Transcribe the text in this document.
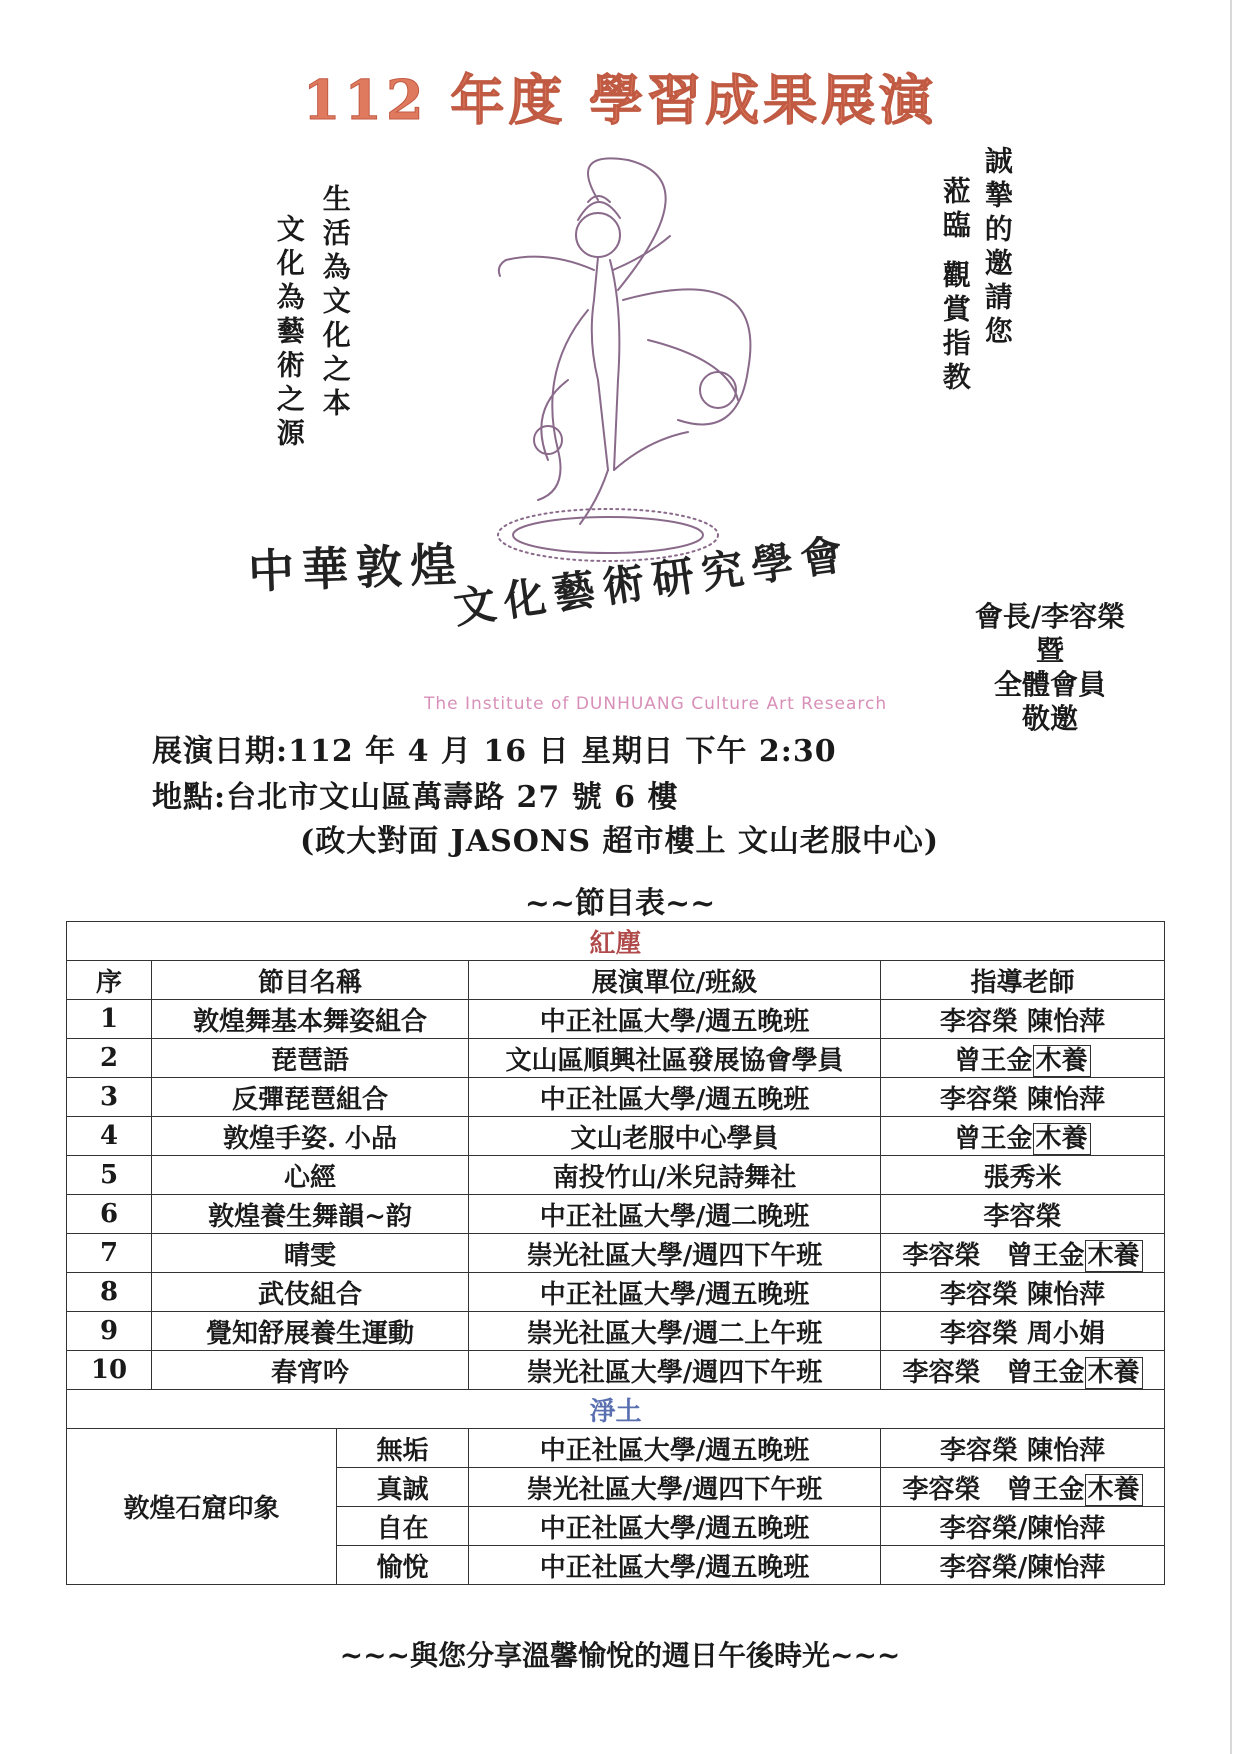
112 年度 學習成果展演
生活為文化之本
文化為藝術之源	誠摯的邀請您
蒞臨 觀賞指教
中華敦煌
文化藝術研究學會
The Institute of DUNHUANG Culture Art Research
會長/李容榮
暨
全體會員
敬邀
展演日期:112 年 4 月 16 日 星期日 下午 2:30
地點:台北市文山區萬壽路 27 號 6 樓
(政大對面 JASONS 超市樓上 文山老服中心)
~~節目表~~
紅塵				
序	節目名稱		展演單位/班級	指導老師
1	敦煌舞基本舞姿組合		中正社區大學/週五晚班	李容榮 陳怡萍
2	琵琶語		文山區順興社區發展協會學員	曾王金 木養
3	反彈琵琶組合		中正社區大學/週五晚班	李容榮 陳怡萍
4	敦煌手姿. 小品		文山老服中心學員	曾王金 木養
5	心經		南投竹山/米兒詩舞社	張秀米
6	敦煌養生舞韻~韵		中正社區大學/週二晚班	李容榮
7	晴雯		崇光社區大學/週四下午班	李容榮　曾王金 木養
8	武伎組合		中正社區大學/週五晚班	李容榮 陳怡萍
9	覺知舒展養生運動		崇光社區大學/週二上午班	李容榮 周小娟
10	春宵吟		崇光社區大學/週四下午班	李容榮　曾王金 木養
淨土				
敦煌石窟印象		無垢	中正社區大學/週五晚班	李容榮 陳怡萍
		真誠	崇光社區大學/週四下午班	李容榮　曾王金 木養
		自在	中正社區大學/週五晚班	李容榮/陳怡萍
		愉悅	中正社區大學/週五晚班	李容榮/陳怡萍
~~~與您分享溫馨愉悅的週日午後時光~~~
